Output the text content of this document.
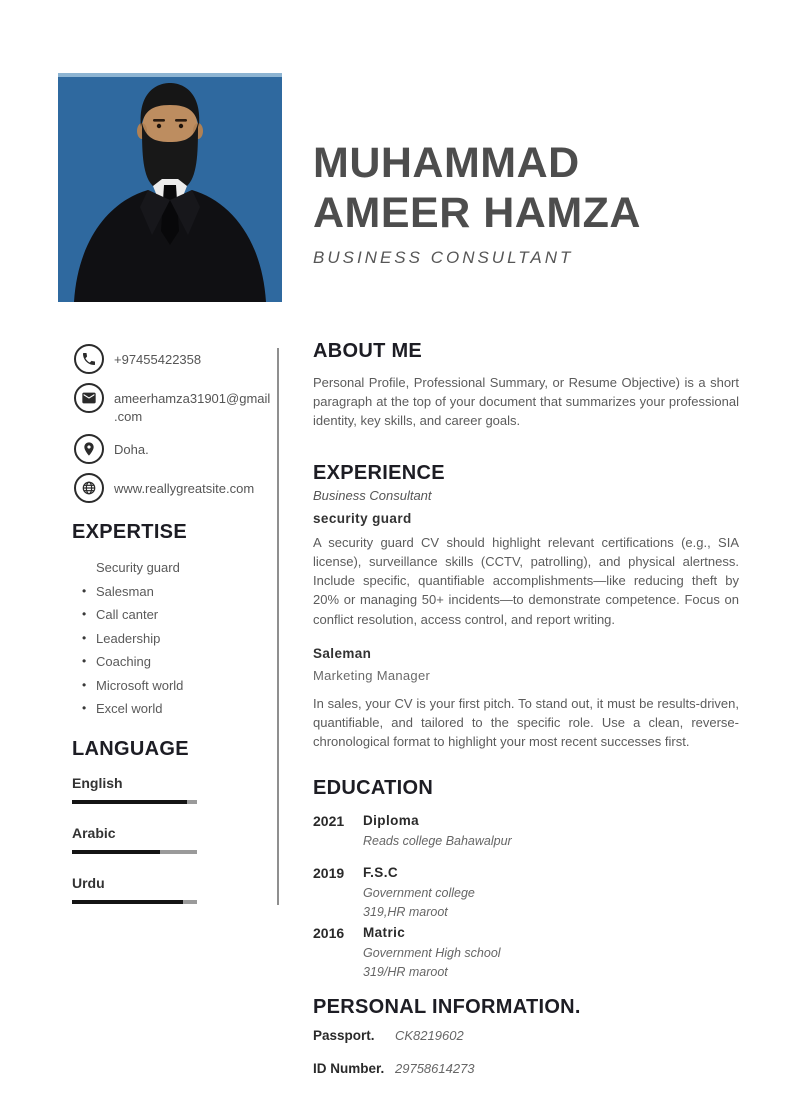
MUHAMMAD
AMEER HAMZA
BUSINESS CONSULTANT
+97455422358
ameerhamza31901@gmail
.com
Doha.
www.reallygreatsite.com
EXPERTISE
Security guard
• Salesman
• Call canter
• Leadership
• Coaching
• Microsoft world
• Excel world
LANGUAGE
English
Arabic
Urdu
ABOUT ME

Personal Profile, Professional Summary, or Resume Objective) is a short paragraph at the top of your document that summarizes your professional identity, key skills, and career goals.

EXPERIENCE
Business Consultant
security guard

A security guard CV should highlight relevant certifications (e.g., SIA license), surveillance skills (CCTV, patrolling), and physical alertness. Include specific, quantifiable accomplishments—like reducing theft by 20% or managing 50+ incidents—to demonstrate competence. Focus on conflict resolution, access control, and report writing.

Saleman
Marketing Manager

In sales, your CV is your first pitch. To stand out, it must be results-driven, quantifiable, and tailored to the specific role. Use a clean, reverse-chronological format to highlight your most recent successes first.

EDUCATION
2021	Diploma
Reads college Bahawalpur
2019	F.S.C
Government college
319,HR maroot
2016	Matric
Government High school
319/HR maroot
PERSONAL INFORMATION.
Passport.	CK8219602
ID Number. 29758614273
